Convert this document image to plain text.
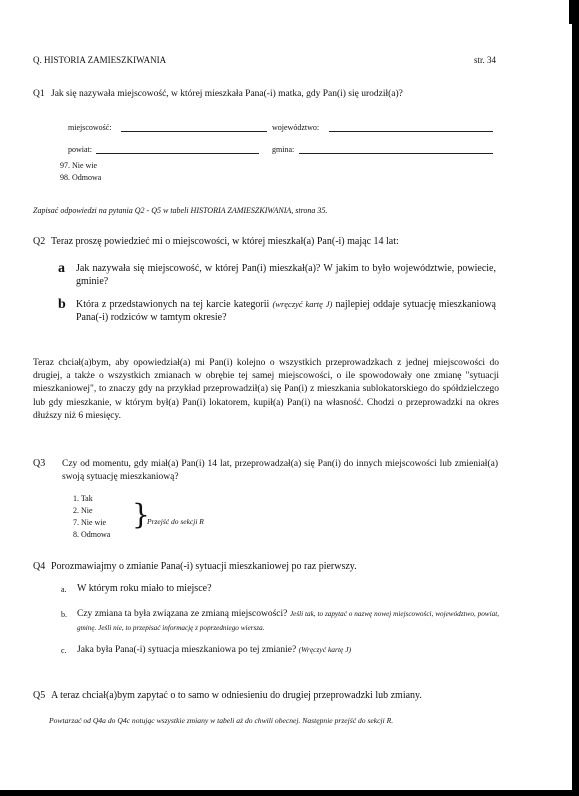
Q. HISTORIA ZAMIESZKIWANIA	str. 34
Q1 Jak się nazywała miejscowość, w której mieszkała Pana(-i) matka, gdy Pan(i) się urodził(a)?
miejscowość:	województwo:
powiat:	gmina:
97. Nie wie
98. Odmowa
Zapisać odpowiedzi na pytania Q2 - Q5 w tabeli HISTORIA ZAMIESZKIWANIA, strona 35.
Q2 Teraz proszę powiedzieć mi o miejscowości, w której mieszkał(a) Pan(-i) mając 14 lat:
a Jak nazywała się miejscowość, w której Pan(i) mieszkał(a)? W jakim to było województwie, powiecie, gminie?
b Która z przedstawionych na tej karcie kategorii (wręczyć kartę J) najlepiej oddaje sytuację mieszkaniową Pana(-i) rodziców w tamtym okresie?
Teraz chciał(a)bym, aby opowiedział(a) mi Pan(i) kolejno o wszystkich przeprowadzkach z jednej miejscowości do drugiej, a także o wszystkich zmianach w obrębie tej samej miejscowości, o ile spowodowały one zmianę "sytuacji mieszkaniowej", to znaczy gdy na przykład przeprowadził(a) się Pan(i) z mieszkania sublokatorskiego do spółdzielczego lub gdy mieszkanie, w którym był(a) Pan(i) lokatorem, kupił(a) Pan(i) na własność. Chodzi o przeprowadzki na okres dłuższy niż 6 miesięcy.
Q3 Czy od momentu, gdy miał(a) Pan(i) 14 lat, przeprowadzał(a) się Pan(i) do innych miejscowości lub zmieniał(a) swoją sytuację mieszkaniową?
1. Tak
2. Nie
7. Nie wie
8. Odmowa
}
Przejść do sekcji R
Q4 Porozmawiajmy o zmianie Pana(-i) sytuacji mieszkaniowej po raz pierwszy.
a. W którym roku miało to miejsce?
b. Czy zmiana ta była związana ze zmianą miejscowości? Jeśli tak, to zapytać o nazwę nowej miejscowości, województwo, powiat, gminę. Jeśli nie, to przepisać informację z poprzedniego wiersza.
c. Jaka była Pana(-i) sytuacja mieszkaniowa po tej zmianie? (Wręczyć kartę J)
Q5 A teraz chciał(a)bym zapytać o to samo w odniesieniu do drugiej przeprowadzki lub zmiany.
Powtarzać od Q4a do Q4c notując wszystkie zmiany w tabeli aż do chwili obecnej. Następnie przejść do sekcji R.
